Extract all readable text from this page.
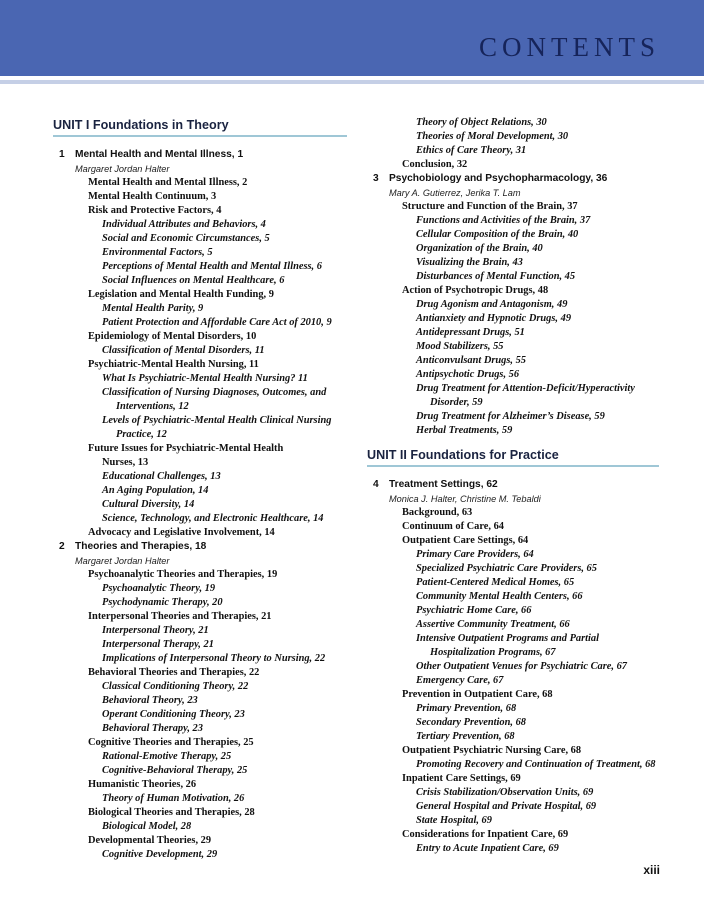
CONTENTS
UNIT I Foundations in Theory
1 Mental Health and Mental Illness, 1
Margaret Jordan Halter
Mental Health and Mental Illness, 2
Mental Health Continuum, 3
Risk and Protective Factors, 4
Individual Attributes and Behaviors, 4
Social and Economic Circumstances, 5
Environmental Factors, 5
Perceptions of Mental Health and Mental Illness, 6
Social Influences on Mental Healthcare, 6
Legislation and Mental Health Funding, 9
Mental Health Parity, 9
Patient Protection and Affordable Care Act of 2010, 9
Epidemiology of Mental Disorders, 10
Classification of Mental Disorders, 11
Psychiatric-Mental Health Nursing, 11
What Is Psychiatric-Mental Health Nursing? 11
Classification of Nursing Diagnoses, Outcomes, and
Interventions, 12
Levels of Psychiatric-Mental Health Clinical Nursing
Practice, 12
Future Issues for Psychiatric-Mental Health
Nurses, 13
Educational Challenges, 13
An Aging Population, 14
Cultural Diversity, 14
Science, Technology, and Electronic Healthcare, 14
Advocacy and Legislative Involvement, 14
2 Theories and Therapies, 18
Margaret Jordan Halter
Psychoanalytic Theories and Therapies, 19
Psychoanalytic Theory, 19
Psychodynamic Therapy, 20
Interpersonal Theories and Therapies, 21
Interpersonal Theory, 21
Interpersonal Therapy, 21
Implications of Interpersonal Theory to Nursing, 22
Behavioral Theories and Therapies, 22
Classical Conditioning Theory, 22
Behavioral Theory, 23
Operant Conditioning Theory, 23
Behavioral Therapy, 23
Cognitive Theories and Therapies, 25
Rational-Emotive Therapy, 25
Cognitive-Behavioral Therapy, 25
Humanistic Theories, 26
Theory of Human Motivation, 26
Biological Theories and Therapies, 28
Biological Model, 28
Developmental Theories, 29
Cognitive Development, 29
Theory of Object Relations, 30
Theories of Moral Development, 30
Ethics of Care Theory, 31
Conclusion, 32
3 Psychobiology and Psychopharmacology, 36
Mary A. Gutierrez, Jerika T. Lam
Structure and Function of the Brain, 37
Functions and Activities of the Brain, 37
Cellular Composition of the Brain, 40
Organization of the Brain, 40
Visualizing the Brain, 43
Disturbances of Mental Function, 45
Action of Psychotropic Drugs, 48
Drug Agonism and Antagonism, 49
Antianxiety and Hypnotic Drugs, 49
Antidepressant Drugs, 51
Mood Stabilizers, 55
Anticonvulsant Drugs, 55
Antipsychotic Drugs, 56
Drug Treatment for Attention-Deficit/Hyperactivity
Disorder, 59
Drug Treatment for Alzheimer’s Disease, 59
Herbal Treatments, 59
UNIT II Foundations for Practice
4 Treatment Settings, 62
Monica J. Halter, Christine M. Tebaldi
Background, 63
Continuum of Care, 64
Outpatient Care Settings, 64
Primary Care Providers, 64
Specialized Psychiatric Care Providers, 65
Patient-Centered Medical Homes, 65
Community Mental Health Centers, 66
Psychiatric Home Care, 66
Assertive Community Treatment, 66
Intensive Outpatient Programs and Partial
Hospitalization Programs, 67
Other Outpatient Venues for Psychiatric Care, 67
Emergency Care, 67
Prevention in Outpatient Care, 68
Primary Prevention, 68
Secondary Prevention, 68
Tertiary Prevention, 68
Outpatient Psychiatric Nursing Care, 68
Promoting Recovery and Continuation of Treatment, 68
Inpatient Care Settings, 69
Crisis Stabilization/Observation Units, 69
General Hospital and Private Hospital, 69
State Hospital, 69
Considerations for Inpatient Care, 69
Entry to Acute Inpatient Care, 69
xiii
